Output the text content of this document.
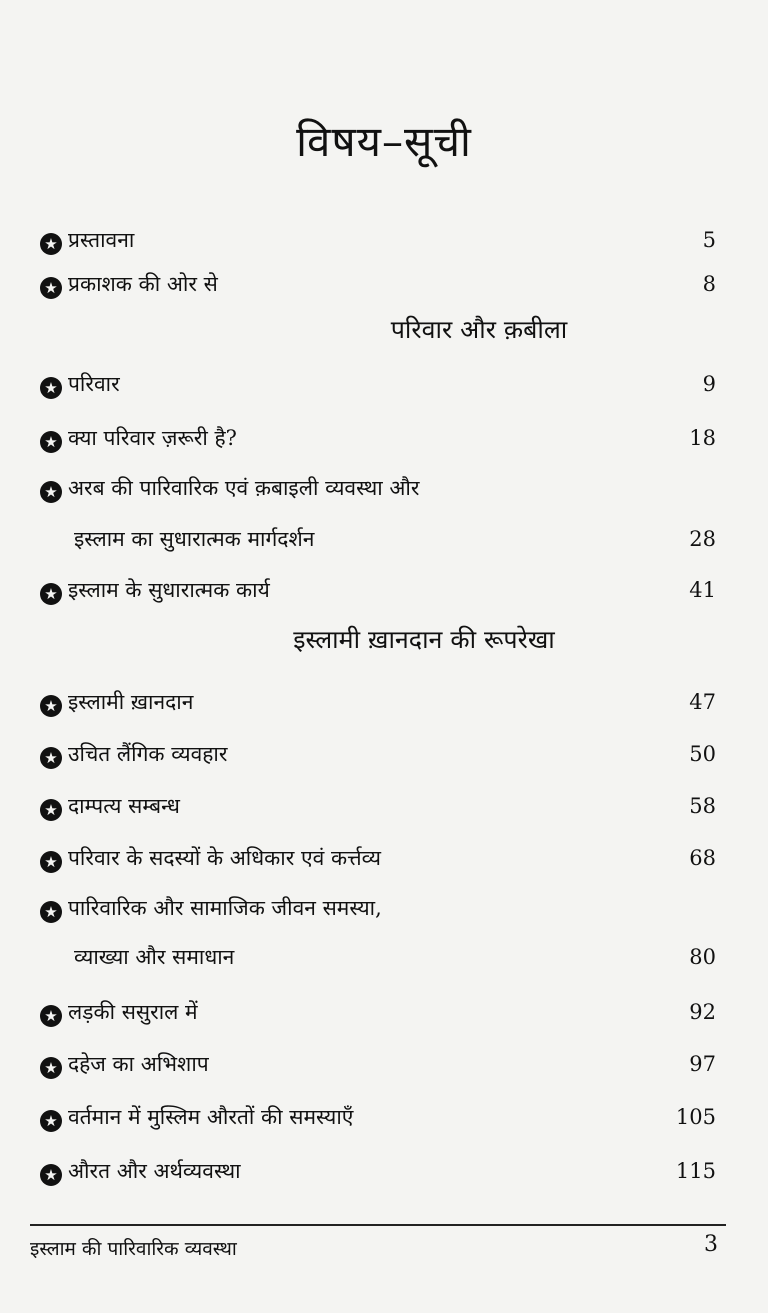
विषय–सूची
★ प्रस्तावना	5
★ प्रकाशक की ओर से	8
परिवार और क़बीला
★ परिवार	9
★ क्या परिवार ज़रूरी है?	18
★ अरब की पारिवारिक एवं क़बाइली व्यवस्था और
इस्लाम का सुधारात्मक मार्गदर्शन	28
★ इस्लाम के सुधारात्मक कार्य	41
इस्लामी ख़ानदान की रूपरेखा
★ इस्लामी ख़ानदान	47
★ उचित लैंगिक व्यवहार	50
★ दाम्पत्य सम्बन्ध	58
★ परिवार के सदस्यों के अधिकार एवं कर्त्तव्य	68
★ पारिवारिक और सामाजिक जीवन समस्या,
व्याख्या और समाधान	80
★ लड़की ससुराल में	92
★ दहेज का अभिशाप	97
★ वर्तमान में मुस्लिम औरतों की समस्याएँ	105
★ औरत और अर्थव्यवस्था	115
इस्लाम की पारिवारिक व्यवस्था	3
